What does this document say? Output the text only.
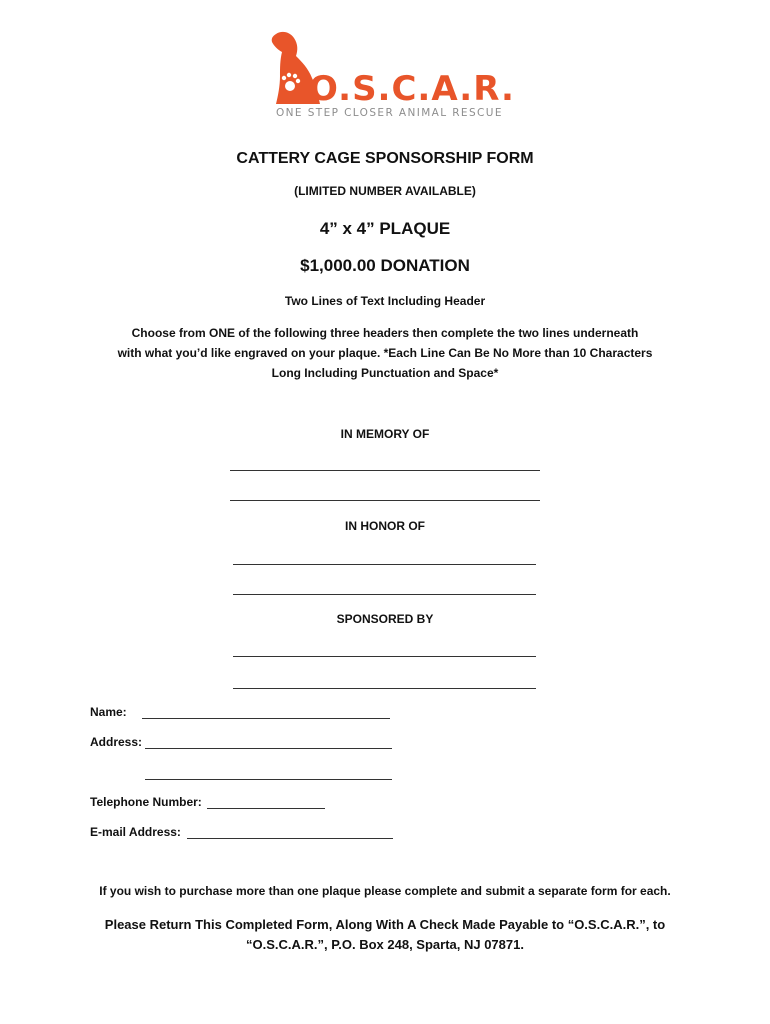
O.S.C.A.R.
ONE STEP CLOSER ANIMAL RESCUE
CATTERY CAGE SPONSORSHIP FORM
(LIMITED NUMBER AVAILABLE)
4” x 4” PLAQUE
$1,000.00 DONATION
Two Lines of Text Including Header
Choose from ONE of the following three headers then complete the two lines underneath
with what you’d like engraved on your plaque. *Each Line Can Be No More than 10 Characters
Long Including Punctuation and Space*
IN MEMORY OF
IN HONOR OF
SPONSORED BY
Name:
Address:
Telephone Number:
E-mail Address:
If you wish to purchase more than one plaque please complete and submit a separate form for each.
Please Return This Completed Form, Along With A Check Made Payable to “O.S.C.A.R.”, to
“O.S.C.A.R.”, P.O. Box 248, Sparta, NJ 07871.
